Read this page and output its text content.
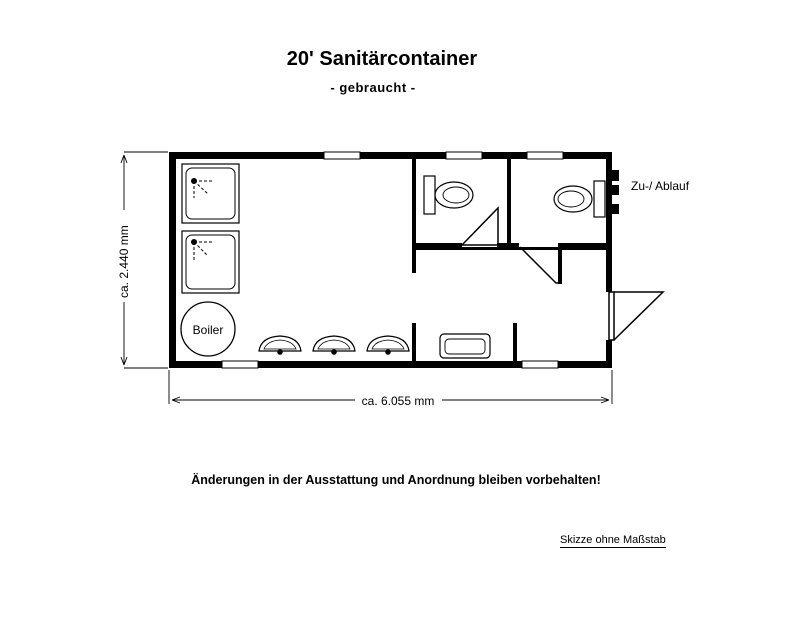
20' Sanitärcontainer
- gebraucht -
Boiler
Zu-/ Ablauf
ca. 2.440 mm
ca. 6.055 mm
Änderungen in der Ausstattung und Anordnung bleiben vorbehalten!
Skizze ohne Maßstab
